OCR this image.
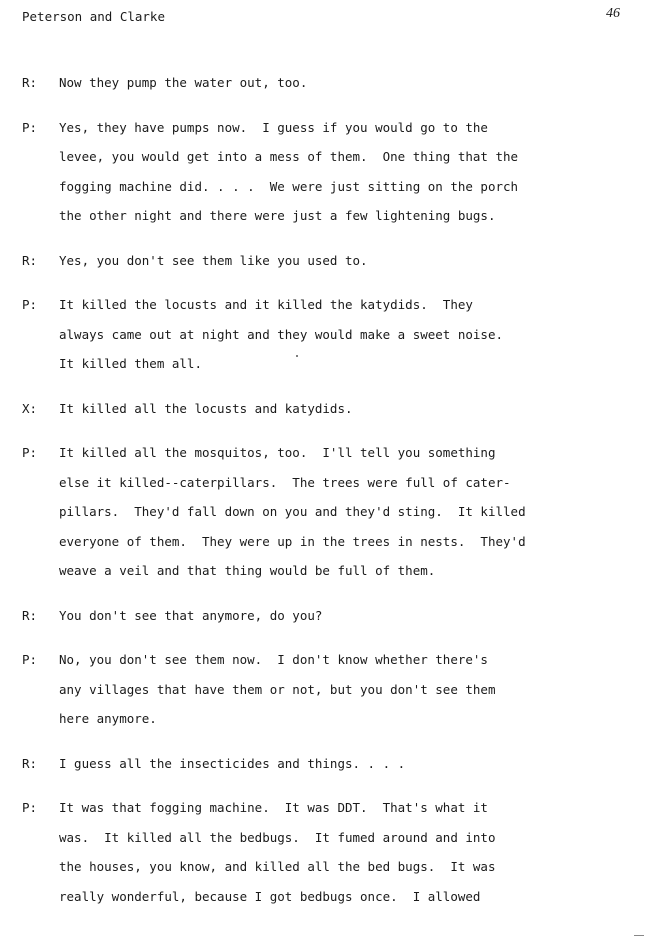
Peterson and Clarke	46
R:	Now they pump the water out, too.
P:	Yes, they have pumps now.  I guess if you would go to the
levee, you would get into a mess of them.  One thing that the
fogging machine did. . . .  We were just sitting on the porch
the other night and there were just a few lightening bugs.
R:	Yes, you don't see them like you used to.
P:	It killed the locusts and it killed the katydids.  They
always came out at night and they would make a sweet noise.
It killed them all.
X:	It killed all the locusts and katydids.
P:	It killed all the mosquitos, too.  I'll tell you something
else it killed--caterpillars.  The trees were full of cater-
pillars.  They'd fall down on you and they'd sting.  It killed
everyone of them.  They were up in the trees in nests.  They'd
weave a veil and that thing would be full of them.
R:	You don't see that anymore, do you?
P:	No, you don't see them now.  I don't know whether there's
any villages that have them or not, but you don't see them
here anymore.
R:	I guess all the insecticides and things. . . .
P:	It was that fogging machine.  It was DDT.  That's what it
was.  It killed all the bedbugs.  It fumed around and into
the houses, you know, and killed all the bed bugs.  It was
really wonderful, because I got bedbugs once.  I allowed
